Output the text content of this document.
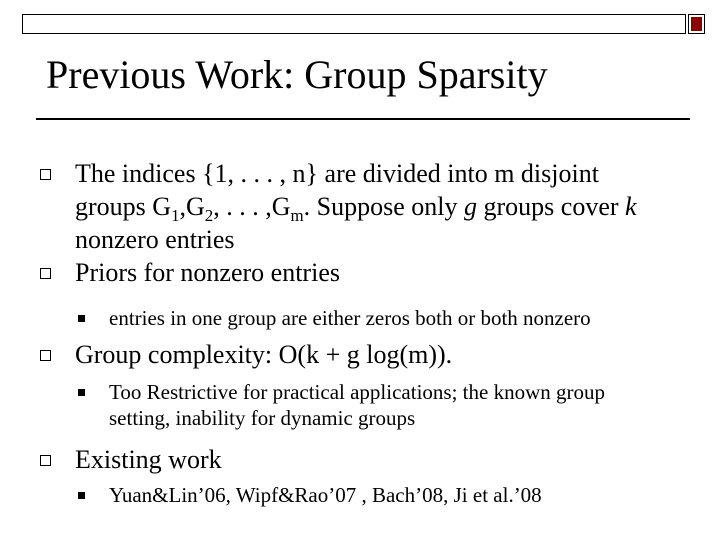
Previous Work: Group Sparsity
The indices {1, . . . , n} are divided into m disjoint
groups $G_1,G_2$, . . . $,G_m$. Suppose only g groups cover k
nonzero entries
Priors for nonzero entries
entries in one group are either zeros both or both nonzero
Group complexity: O(k + g log(m)).
Too Restrictive for practical applications; the known group
setting, inability for dynamic groups
Existing work
Yuan&Lin’06, Wipf&Rao’07 , Bach’08, Ji et al.’08
